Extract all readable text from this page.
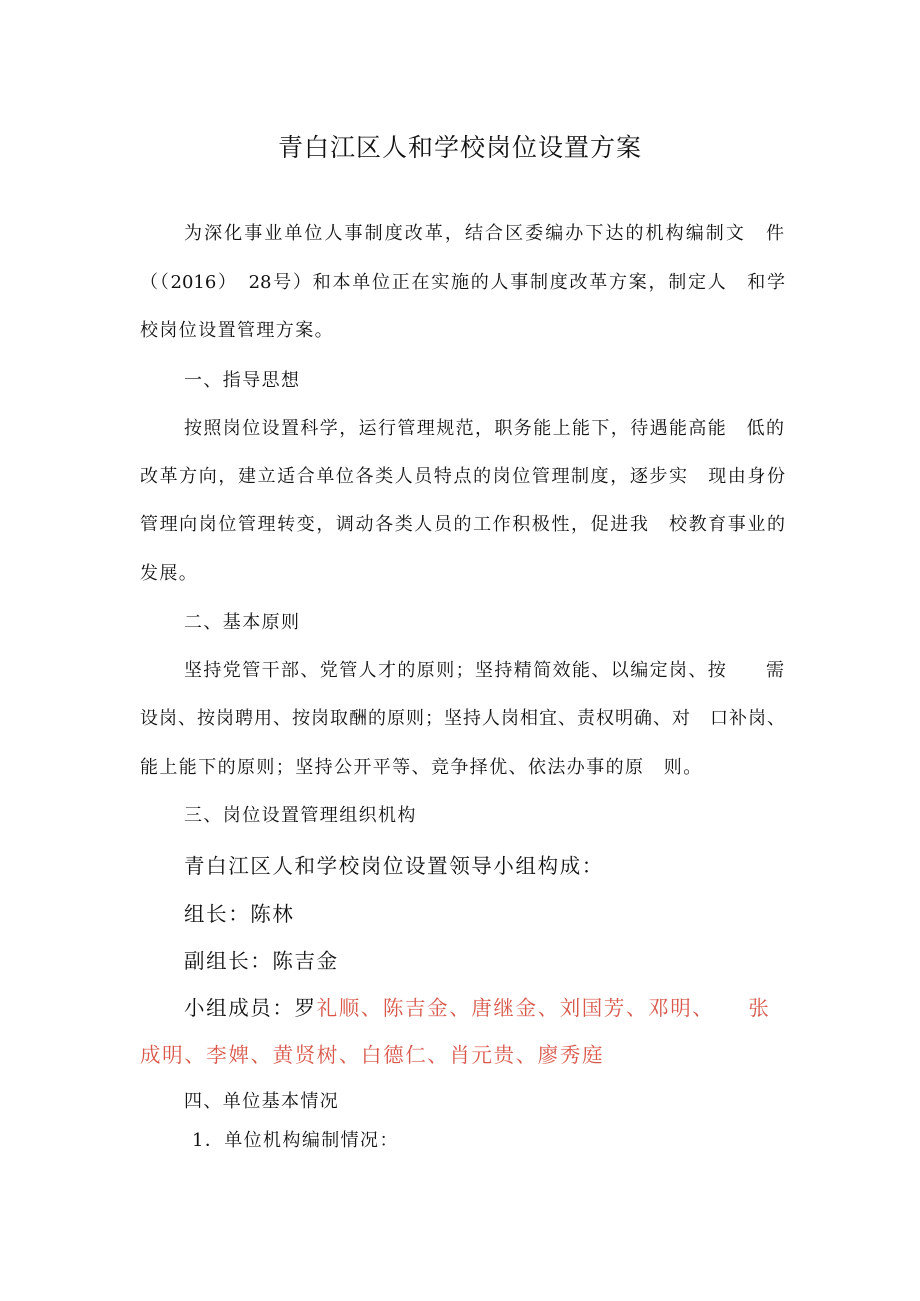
青白江区人和学校岗位设置方案
为深化事业单位人事制度改革，结合区委编办下达的机构编制文　件
（（2016）　28号）和本单位正在实施的人事制度改革方案，制定人　和学
校岗位设置管理方案。
一、指导思想
按照岗位设置科学，运行管理规范，职务能上能下，待遇能高能　低的
改革方向，建立适合单位各类人员特点的岗位管理制度，逐步实　现由身份
管理向岗位管理转变，调动各类人员的工作积极性，促进我　校教育事业的
发展。
二、基本原则
坚持党管干部、党管人才的原则；坚持精简效能、以编定岗、按　　需
设岗、按岗聘用、按岗取酬的原则；坚持人岗相宜、责权明确、对　口补岗、
能上能下的原则；坚持公开平等、竞争择优、依法办事的原　则。
三、岗位设置管理组织机构
青白江区人和学校岗位设置领导小组构成：
组长：陈林
副组长：陈吉金
小组成员：罗礼顺、陈吉金、唐继金、刘国芳、邓明、　　张
成明、李婢、黄贤树、白德仁、肖元贵、廖秀庭
四、单位基本情况
1．单位机构编制情况：
